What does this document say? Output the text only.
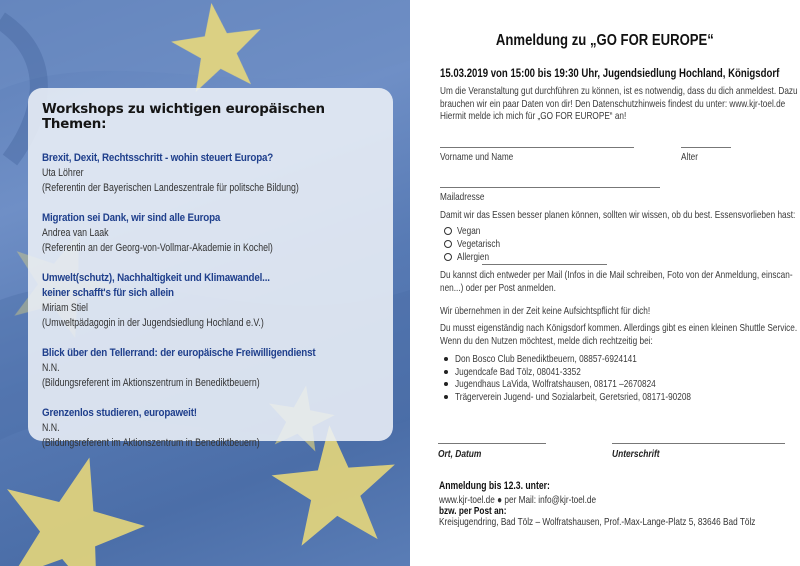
Workshops zu wichtigen europäischen Themen:
Brexit, Dexit, Rechtsschritt - wohin steuert Europa?
Uta Löhrer
(Referentin der Bayerischen Landeszentrale für politsche Bildung)
Migration sei Dank, wir sind alle Europa
Andrea van Laak
(Referentin an der Georg-von-Vollmar-Akademie in Kochel)
Umwelt(schutz), Nachhaltigkeit und Klimawandel...
keiner schafft's für sich allein
Miriam Stiel
(Umweltpädagogin in der Jugendsiedlung Hochland e.V.)
Blick über den Tellerrand: der europäische Freiwilligendienst
N.N.
(Bildungsreferent im Aktionszentrum in Benediktbeuern)
Grenzenlos studieren, europaweit!
N.N.
(Bildungsreferent im Aktionszentrum in Benediktbeuern)
Anmeldung zu „GO FOR EUROPE“
15.03.2019 von 15:00 bis 19:30 Uhr, Jugendsiedlung Hochland, Königsdorf
Um die Veranstaltung gut durchführen zu können, ist es notwendig, dass du dich anmeldest. Dazu
brauchen wir ein paar Daten von dir! Den Datenschutzhinweis findest du unter: www.kjr-toel.de
Hiermit melde ich mich für „GO FOR EUROPE“ an!
Vorname und Name	Alter
Mailadresse
Damit wir das Essen besser planen können, sollten wir wissen, ob du best. Essensvorlieben hast:
Vegan
Vegetarisch
Allergien
Du kannst dich entweder per Mail (Infos in die Mail schreiben, Foto von der Anmeldung, einscan-
nen...) oder per Post anmelden.
Wir übernehmen in der Zeit keine Aufsichtspflicht für dich!
Du musst eigenständig nach Königsdorf kommen. Allerdings gibt es einen kleinen Shuttle Service.
Wenn du den Nutzen möchtest, melde dich rechtzeitig bei:
Don Bosco Club Benediktbeuern, 08857-6924141
Jugendcafe Bad Tölz, 08041-3352
Jugendhaus LaVida, Wolfratshausen, 08171 –2670824
Trägerverein Jugend- und Sozialarbeit, Geretsried, 08171-90208
Ort, Datum	Unterschrift
Anmeldung bis 12.3. unter:
www.kjr-toel.de ● per Mail: info@kjr-toel.de
bzw. per Post an:
Kreisjugendring, Bad Tölz – Wolfratshausen, Prof.-Max-Lange-Platz 5, 83646 Bad Tölz
